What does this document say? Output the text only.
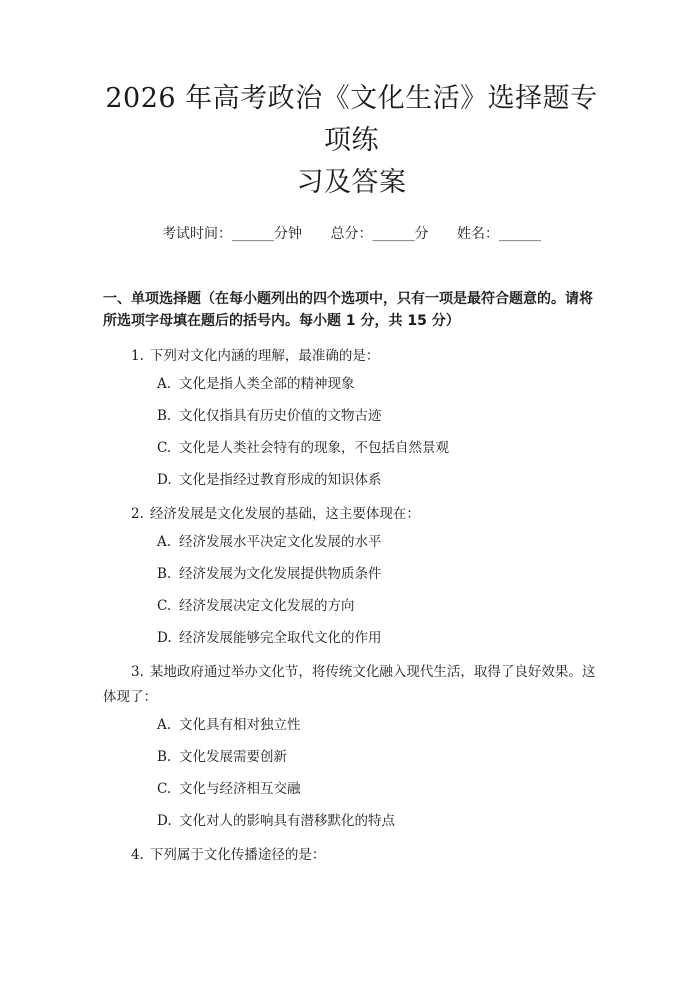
2026 年高考政治《文化生活》选择题专项练
习及答案
考试时间：______分钟 总分：______分 姓名：______
一、单项选择题（在每小题列出的四个选项中，只有一项是最符合题意的。请将所选项字母填在题后的括号内。每小题 1 分，共 15 分）

1. 下列对文化内涵的理解，最准确的是：

A. 文化是指人类全部的精神现象
B. 文化仅指具有历史价值的文物古迹
C. 文化是人类社会特有的现象，不包括自然景观
D. 文化是指经过教育形成的知识体系

2. 经济发展是文化发展的基础，这主要体现在：

A. 经济发展水平决定文化发展的水平
B. 经济发展为文化发展提供物质条件
C. 经济发展决定文化发展的方向
D. 经济发展能够完全取代文化的作用

3. 某地政府通过举办文化节，将传统文化融入现代生活，取得了良好效果。这体现了：

A. 文化具有相对独立性
B. 文化发展需要创新
C. 文化与经济相互交融
D. 文化对人的影响具有潜移默化的特点

4. 下列属于文化传播途径的是：
